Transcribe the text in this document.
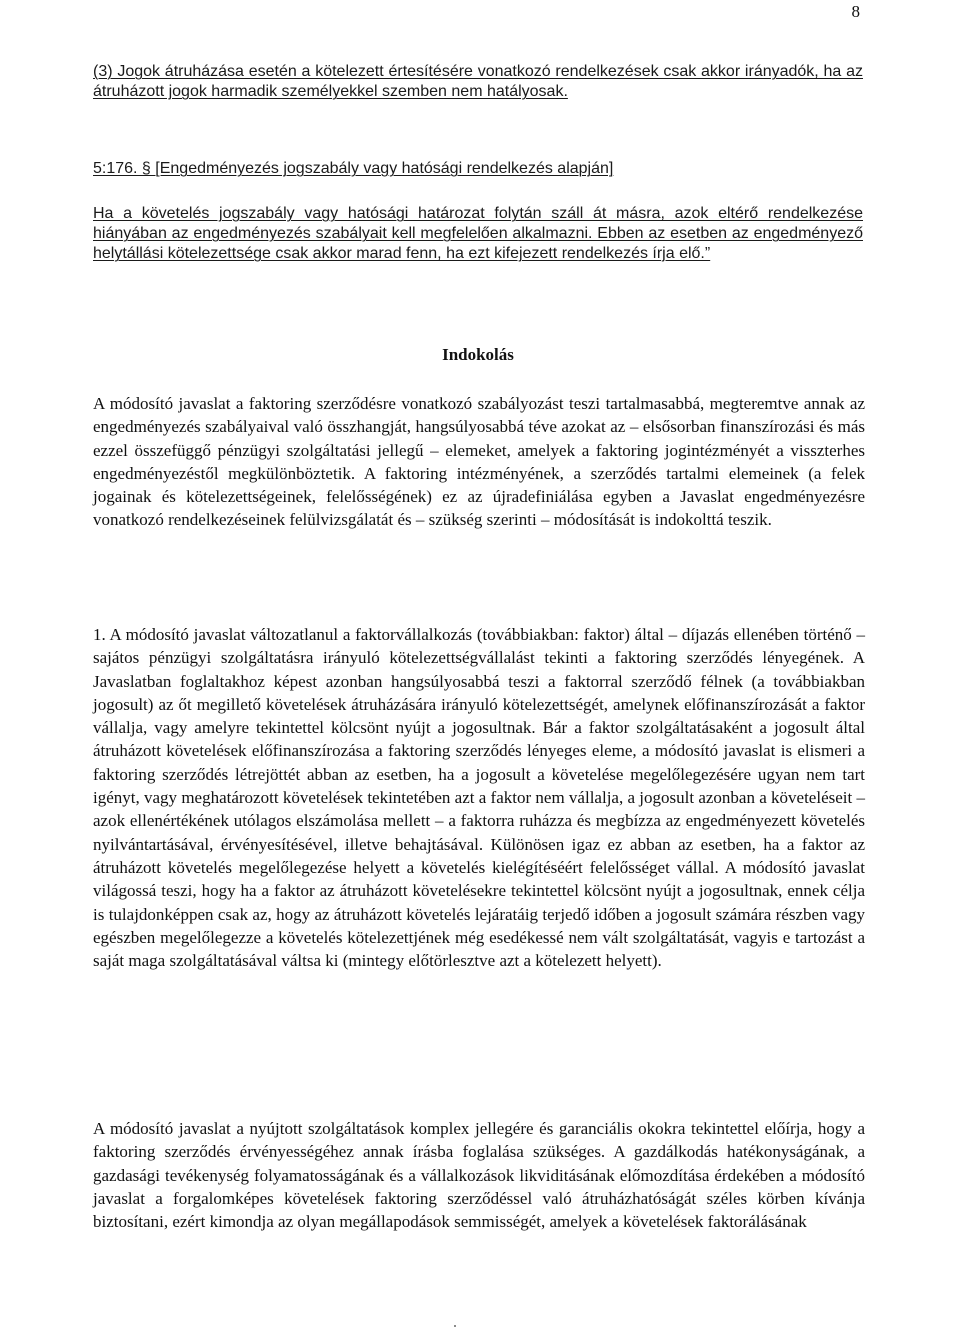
8
(3) Jogok átruházása esetén a kötelezett értesítésére vonatkozó rendelkezések csak akkor irányadók, ha az átruházott jogok harmadik személyekkel szemben nem hatályosak.
5:176. § [Engedményezés jogszabály vagy hatósági rendelkezés alapján]
Ha a követelés jogszabály vagy hatósági határozat folytán száll át másra, azok eltérő rendelkezése hiányában az engedményezés szabályait kell megfelelően alkalmazni. Ebben az esetben az engedményező helytállási kötelezettsége csak akkor marad fenn, ha ezt kifejezett rendelkezés írja elő.”
Indokolás
A módosító javaslat a faktoring szerződésre vonatkozó szabályozást teszi tartalmasabbá, megteremtve annak az engedményezés szabályaival való összhangját, hangsúlyosabbá téve azokat az – elsősorban finanszírozási és más ezzel összefüggő pénzügyi szolgáltatási jellegű – elemeket, amelyek a faktoring jogintézményét a visszterhes engedményezéstől megkülönböztetik. A faktoring intézményének, a szerződés tartalmi elemeinek (a felek jogainak és kötelezettségeinek, felelősségének) ez az újradefiniálása egyben a Javaslat engedményezésre vonatkozó rendelkezéseinek felülvizsgálatát és – szükség szerinti – módosítását is indokolttá teszik.
1. A módosító javaslat változatlanul a faktorvállalkozás (továbbiakban: faktor) által – díjazás ellenében történő – sajátos pénzügyi szolgáltatásra irányuló kötelezettségvállalást tekinti a faktoring szerződés lényegének. A Javaslatban foglaltakhoz képest azonban hangsúlyosabbá teszi a faktorral szerződő félnek (a továbbiakban jogosult) az őt megillető követelések átruházására irányuló kötelezettségét, amelynek előfinanszírozását a faktor vállalja, vagy amelyre tekintettel kölcsönt nyújt a jogosultnak. Bár a faktor szolgáltatásaként a jogosult által átruházott követelések előfinanszírozása a faktoring szerződés lényeges eleme, a módosító javaslat is elismeri a faktoring szerződés létrejöttét abban az esetben, ha a jogosult a követelése megelőlegezésére ugyan nem tart igényt, vagy meghatározott követelések tekintetében azt a faktor nem vállalja, a jogosult azonban a követeléseit – azok ellenértékének utólagos elszámolása mellett – a faktorra ruházza és megbízza az engedményezett követelés nyilvántartásával, érvényesítésével, illetve behajtásával. Különösen igaz ez abban az esetben, ha a faktor az átruházott követelés megelőlegezése helyett a követelés kielégítéséért felelősséget vállal. A módosító javaslat világossá teszi, hogy ha a faktor az átruházott követelésekre tekintettel kölcsönt nyújt a jogosultnak, ennek célja is tulajdonképpen csak az, hogy az átruházott követelés lejáratáig terjedő időben a jogosult számára részben vagy egészben megelőlegezze a követelés kötelezettjének még esedékessé nem vált szolgáltatását, vagyis e tartozást a saját maga szolgáltatásával váltsa ki (mintegy előtörlesztve azt a kötelezett helyett).
A módosító javaslat a nyújtott szolgáltatások komplex jellegére és garanciális okokra tekintettel előírja, hogy a faktoring szerződés érvényességéhez annak írásba foglalása szükséges. A gazdálkodás hatékonyságának, a gazdasági tevékenység folyamatosságának és a vállalkozások likviditásának előmozdítása érdekében a módosító javaslat a forgalomképes követelések faktoring szerződéssel való átruházhatóságát széles körben kívánja biztosítani, ezért kimondja az olyan megállapodások semmisségét, amelyek a követelések faktorálásának
